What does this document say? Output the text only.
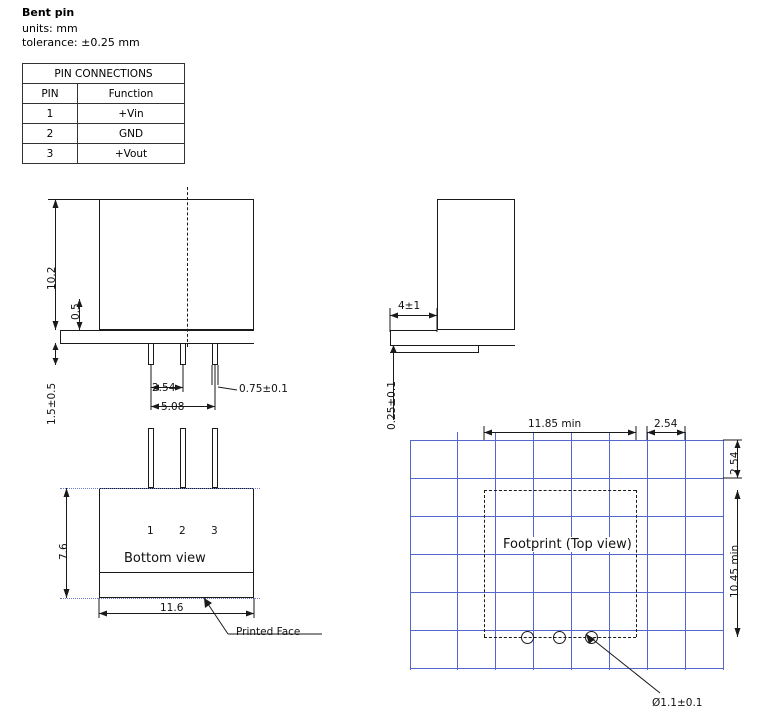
Bent pin
units: mm
tolerance: ±0.25 mm
PIN CONNECTIONS	
PIN	Function
1	+Vin
2	GND
3	+Vout
10.2
0.5
1.5±0.5	2.54
5.08
0.75±0.1
7.6
11.6
1 2 3
Bottom view
Printed Face
4±1
0.25±0.1	11.85 min	2.54
2.54
10.45 min
Footprint (Top view)
Ø1.1±0.1
